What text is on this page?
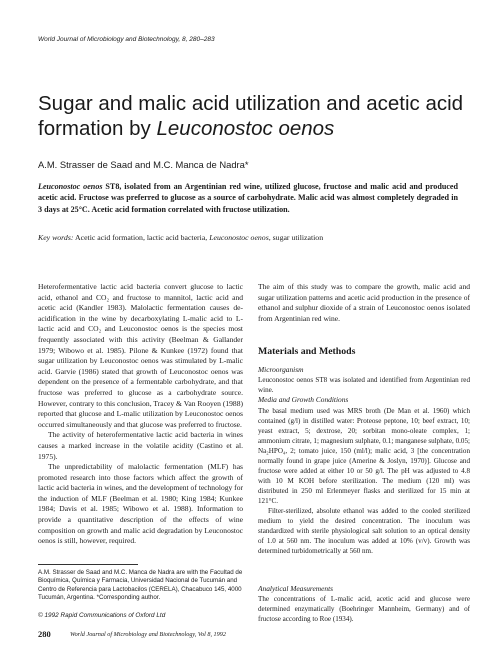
World Journal of Microbiology and Biotechnology, 8, 280–283
Sugar and malic acid utilization and acetic acid formation by Leuconostoc oenos
A.M. Strasser de Saad and M.C. Manca de Nadra*
Leuconostoc oenos ST8, isolated from an Argentinian red wine, utilized glucose, fructose and malic acid and produced acetic acid. Fructose was preferred to glucose as a source of carbohydrate. Malic acid was almost completely degraded in 3 days at 25°C. Acetic acid formation correlated with fructose utilization.
Key words: Acetic acid formation, lactic acid bacteria, Leuconostoc oenos, sugar utilization

Heterofermentative lactic acid bacteria convert glucose to lactic acid, ethanol and CO₂ and fructose to mannitol, lactic acid and acetic acid (Kandler 1983). Malolactic fermentation causes de-acidification in the wine by decarboxylating L-malic acid to L-lactic acid and CO₂ and Leuconostoc oenos is the species most frequently associated with this activity (Beelman & Gallander 1979; Wibowo et al. 1985). Pilone & Kunkee (1972) found that sugar utilization by Leuconostoc oenos was stimulated by L-malic acid. Garvie (1986) stated that growth of Leuconostoc oenos was dependent on the presence of a fermentable carbohydrate, and that fructose was preferred to glucose as a carbohydrate source. However, contrary to this conclusion, Tracey & Van Rooyen (1988) reported that glucose and L-malic utilization by Leuconostoc oenos occurred simultaneously and that glucose was preferred to fructose.

The activity of heterofermentative lactic acid bacteria in wines causes a marked increase in the volatile acidity (Castino et al. 1975).

The unpredictability of malolactic fermentation (MLF) has promoted research into those factors which affect the growth of lactic acid bacteria in wines, and the development of technology for the induction of MLF (Beelman et al. 1980; King 1984; Kunkee 1984; Davis et al. 1985; Wibowo et al. 1988). Information to provide a quantitative description of the effects of wine composition on growth and malic acid degradation by Leuconostoc oenos is still, however, required.

The aim of this study was to compare the growth, malic acid and sugar utilization patterns and acetic acid production in the presence of ethanol and sulphur dioxide of a strain of Leuconostoc oenos isolated from Argentinian red wine.

Materials and Methods
Microorganism
Leuconostoc oenos ST8 was isolated and identified from Argentinian red wine.
Media and Growth Conditions
The basal medium used was MRS broth (De Man et al. 1960) which contained (g/l) in distilled water: Proteose peptone, 10; beef extract, 10; yeast extract, 5; dextrose, 20; sorbitan mono-oleate complex, 1; ammonium citrate, 1; magnesium sulphate, 0.1; manganese sulphate, 0.05; Na₂HPO₄, 2; tomato juice, 150 (ml/l); malic acid, 3 [the concentration normally found in grape juice (Amerine & Joslyn, 1970)]. Glucose and fructose were added at either 10 or 50 g/l. The pH was adjusted to 4.8 with 10 M KOH before sterilization. The medium (120 ml) was distributed in 250 ml Erlenmeyer flasks and sterilized for 15 min at 121°C.
Filter-sterilized, absolute ethanol was added to the cooled sterilized medium to yield the desired concentration. The inoculum was standardized with sterile physiological salt solution to an optical density of 1.0 at 560 nm. The inoculum was added at 10% (v/v). Growth was determined turbidometrically at 560 nm.
Analytical Measurements
The concentrations of L-malic acid, acetic acid and glucose were determined enzymatically (Boehringer Mannheim, Germany) and of fructose according to Roe (1934).
A.M. Strasser de Saad and M.C. Manca de Nadra are with the Facultad de Bioquímica, Química y Farmacia, Universidad Nacional de Tucumán and Centro de Referencia para Lactobacilos (CERELA), Chacabuco 145, 4000 Tucumán, Argentina. *Corresponding author.
© 1992 Rapid Communications of Oxford Ltd
280	World Journal of Microbiology and Biotechnology, Vol 8, 1992
